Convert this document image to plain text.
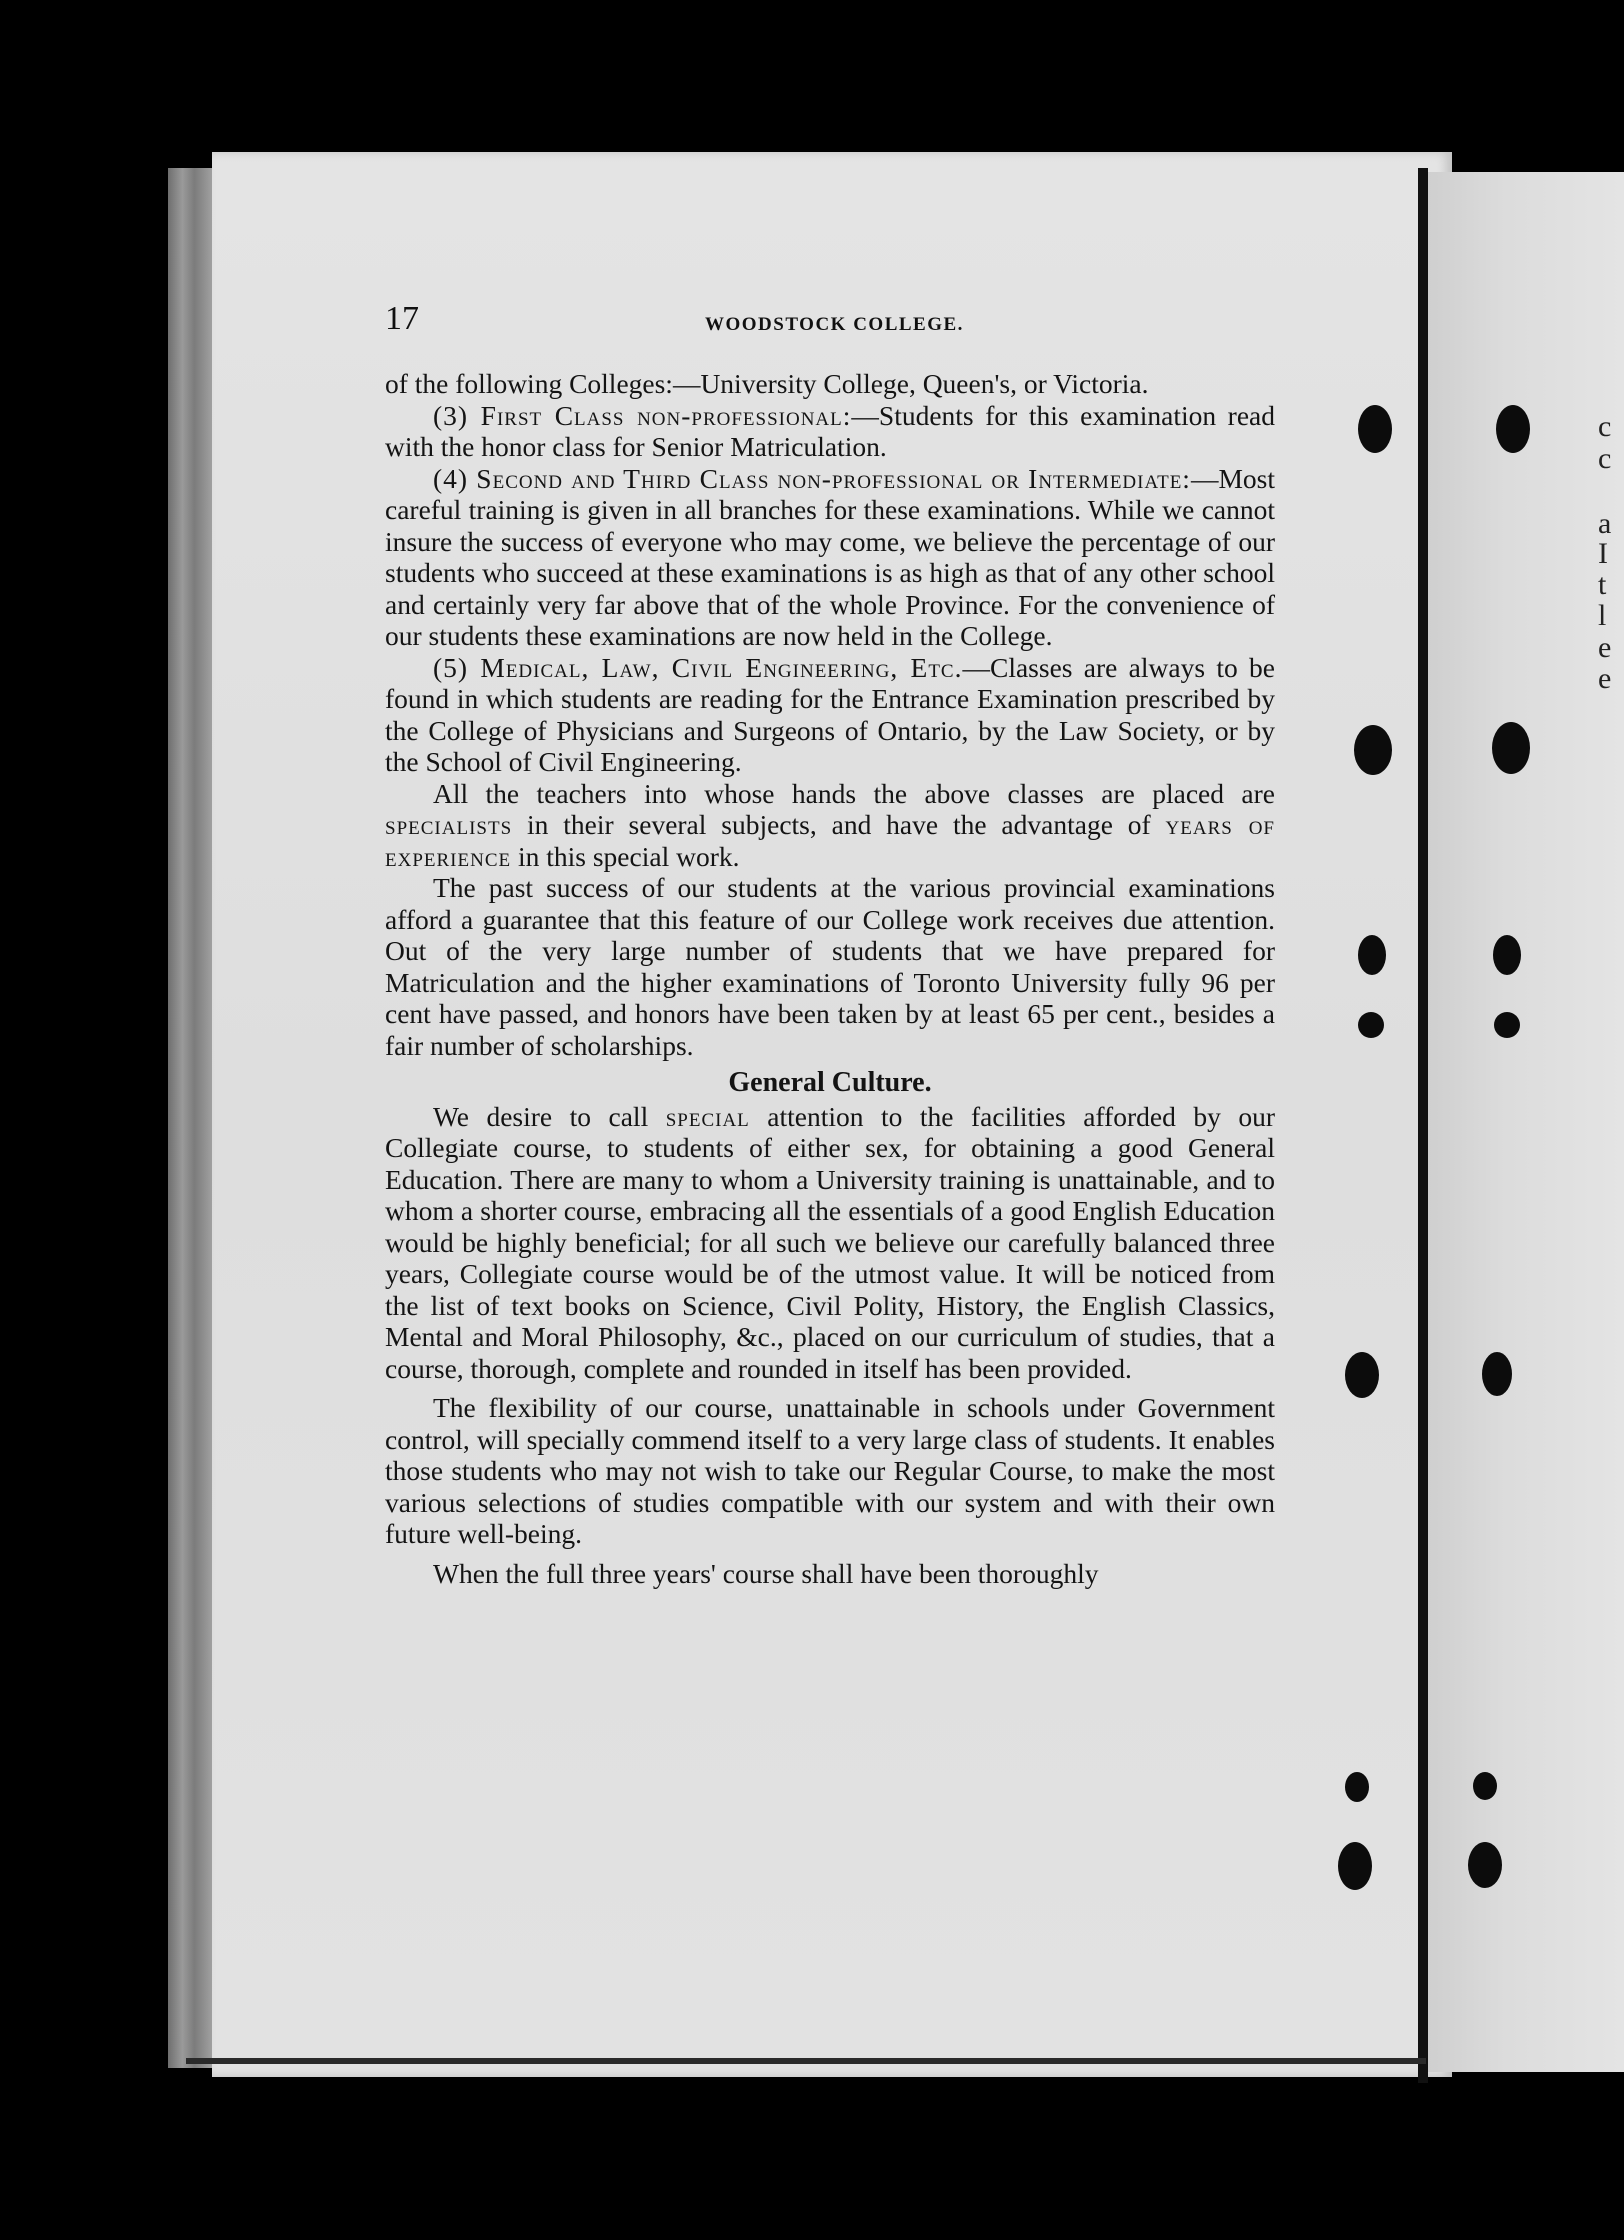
c
c
a
I
t
l
e
e
17	WOODSTOCK COLLEGE.

of the following Colleges:—University College, Queen's, or Victoria.

(3) First Class non-professional:—Students for this examination read with the honor class for Senior Matriculation.

(4) Second and Third Class non-professional or Intermediate:—Most careful training is given in all branches for these examinations. While we cannot insure the success of everyone who may come, we believe the percentage of our students who succeed at these examinations is as high as that of any other school and certainly very far above that of the whole Province. For the convenience of our students these examinations are now held in the College.

(5) Medical, Law, Civil Engineering, Etc.—Classes are always to be found in which students are reading for the Entrance Examination prescribed by the College of Physicians and Surgeons of Ontario, by the Law Society, or by the School of Civil Engineering.

All the teachers into whose hands the above classes are placed are specialists in their several subjects, and have the advantage of years of experience in this special work.

The past success of our students at the various provincial examinations afford a guarantee that this feature of our College work receives due attention. Out of the very large number of students that we have prepared for Matriculation and the higher examinations of Toronto University fully 96 per cent have passed, and honors have been taken by at least 65 per cent., besides a fair number of scholarships.

General Culture.

We desire to call special attention to the facilities afforded by our Collegiate course, to students of either sex, for obtaining a good General Education. There are many to whom a University training is unattainable, and to whom a shorter course, embracing all the essentials of a good English Education would be highly beneficial; for all such we believe our carefully balanced three years, Collegiate course would be of the utmost value. It will be noticed from the list of text books on Science, Civil Polity, History, the English Classics, Mental and Moral Philosophy, &c., placed on our curriculum of studies, that a course, thorough, complete and rounded in itself has been provided.

The flexibility of our course, unattainable in schools under Government control, will specially commend itself to a very large class of students. It enables those students who may not wish to take our Regular Course, to make the most various selections of studies compatible with our system and with their own future well-being.

When the full three years' course shall have been thoroughly
